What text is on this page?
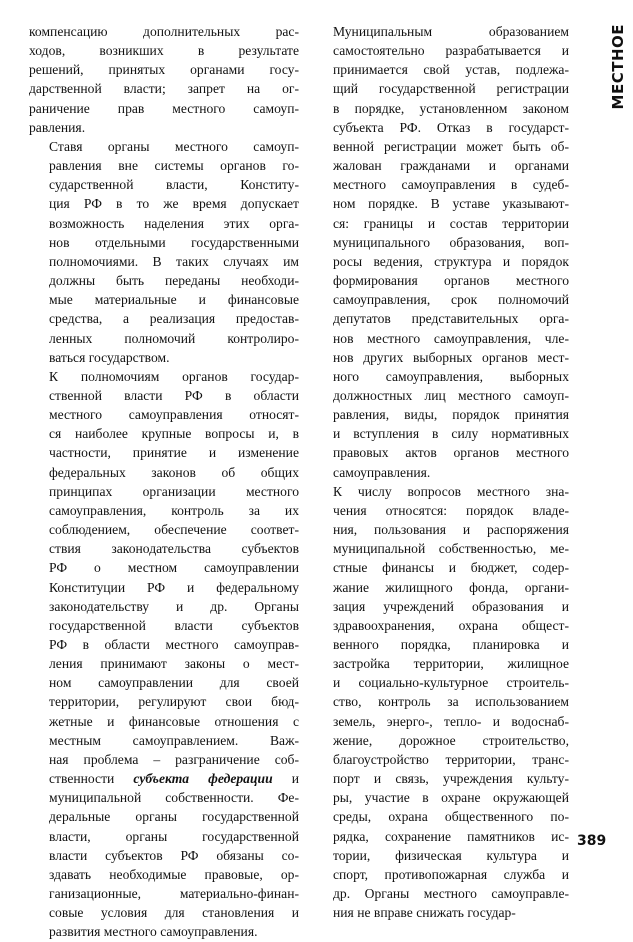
компенсацию дополнительных рас-
ходов, возникших в результате
решений, принятых органами госу-
дарственной власти; запрет на ог-
раничение прав местного самоуп-
равления.

Ставя органы местного самоуп-
равления вне системы органов го-
сударственной власти, Конститу-
ция РФ в то же время допускает
возможность наделения этих орга-
нов отдельными государственными
полномочиями. В таких случаях им
должны быть переданы необходи-
мые материальные и финансовые
средства, а реализация предостав-
ленных полномочий контролиро-
ваться государством.

К полномочиям органов государ-
ственной власти РФ в области
местного самоуправления относят-
ся наиболее крупные вопросы и, в
частности, принятие и изменение
федеральных законов об общих
принципах организации местного
самоуправления, контроль за их
соблюдением, обеспечение соответ-
ствия законодательства субъектов
РФ о местном самоуправлении
Конституции РФ и федеральному
законодательству и др. Органы
государственной власти субъектов
РФ в области местного самоуправ-
ления принимают законы о мест-
ном самоуправлении для своей
территории, регулируют свои бюд-
жетные и финансовые отношения с
местным самоуправлением. Важ-
ная проблема – разграничение соб-
ственности субъекта федерации и
муниципальной собственности. Фе-
деральные органы государственной
власти, органы государственной
власти субъектов РФ обязаны со-
здавать необходимые правовые, ор-
ганизационные, материально-финан-
совые условия для становления и
развития местного самоуправления.

Муниципальным образованием
самостоятельно разрабатывается и
принимается свой устав, подлежа-
щий государственной регистрации
в порядке, установленном законом
субъекта РФ. Отказ в государст-
венной регистрации может быть об-
жалован гражданами и органами
местного самоуправления в судеб-
ном порядке. В уставе указывают-
ся: границы и состав территории
муниципального образования, воп-
росы ведения, структура и порядок
формирования органов местного
самоуправления, срок полномочий
депутатов представительных орга-
нов местного самоуправления, чле-
нов других выборных органов мест-
ного самоуправления, выборных
должностных лиц местного самоуп-
равления, виды, порядок принятия
и вступления в силу нормативных
правовых актов органов местного
самоуправления.

К числу вопросов местного зна-
чения относятся: порядок владе-
ния, пользования и распоряжения
муниципальной собственностью, ме-
стные финансы и бюджет, содер-
жание жилищного фонда, органи-
зация учреждений образования и
здравоохранения, охрана общест-
венного порядка, планировка и
застройка территории, жилищное
и социально-культурное строитель-
ство, контроль за использованием
земель, энерго-, тепло- и водоснаб-
жение, дорожное строительство,
благоустройство территории, транс-
порт и связь, учреждения культу-
ры, участие в охране окружающей
среды, охрана общественного по-
рядка, сохранение памятников ис-
тории, физическая культура и
спорт, противопожарная служба и
др. Органы местного самоуправле-
ния не вправе снижать государ-

МЕСТНОЕ
389
